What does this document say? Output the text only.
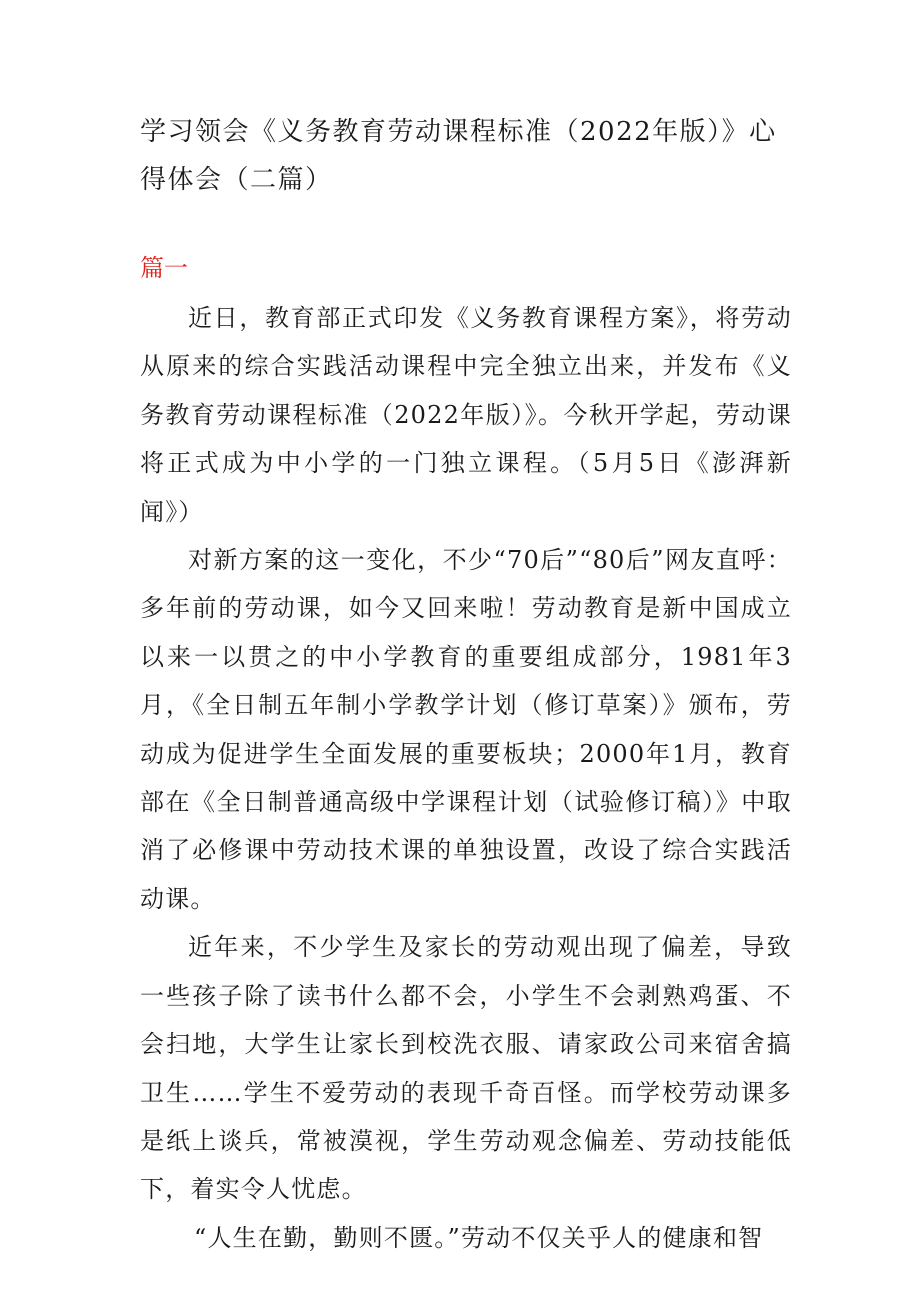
学习领会《义务教育劳动课程标准（2022年版）》心得体会（二篇）
篇一

近日，教育部正式印发《义务教育课程方案》，将劳动从原来的综合实践活动课程中完全独立出来，并发布《义务教育劳动课程标准（2022年版）》。今秋开学起，劳动课将正式成为中小学的一门独立课程。（5月5日《澎湃新闻》）

对新方案的这一变化，不少“70后”“80后”网友直呼：多年前的劳动课，如今又回来啦！劳动教育是新中国成立以来一以贯之的中小学教育的重要组成部分，1981年3月，《全日制五年制小学教学计划（修订草案）》颁布，劳动成为促进学生全面发展的重要板块；2000年1月，教育部在《全日制普通高级中学课程计划（试验修订稿）》中取消了必修课中劳动技术课的单独设置，改设了综合实践活动课。

近年来，不少学生及家长的劳动观出现了偏差，导致一些孩子除了读书什么都不会，小学生不会剥熟鸡蛋、不会扫地，大学生让家长到校洗衣服、请家政公司来宿舍搞卫生……学生不爱劳动的表现千奇百怪。而学校劳动课多是纸上谈兵，常被漠视，学生劳动观念偏差、劳动技能低下，着实令人忧虑。

“人生在勤，勤则不匮。”劳动不仅关乎人的健康和智
